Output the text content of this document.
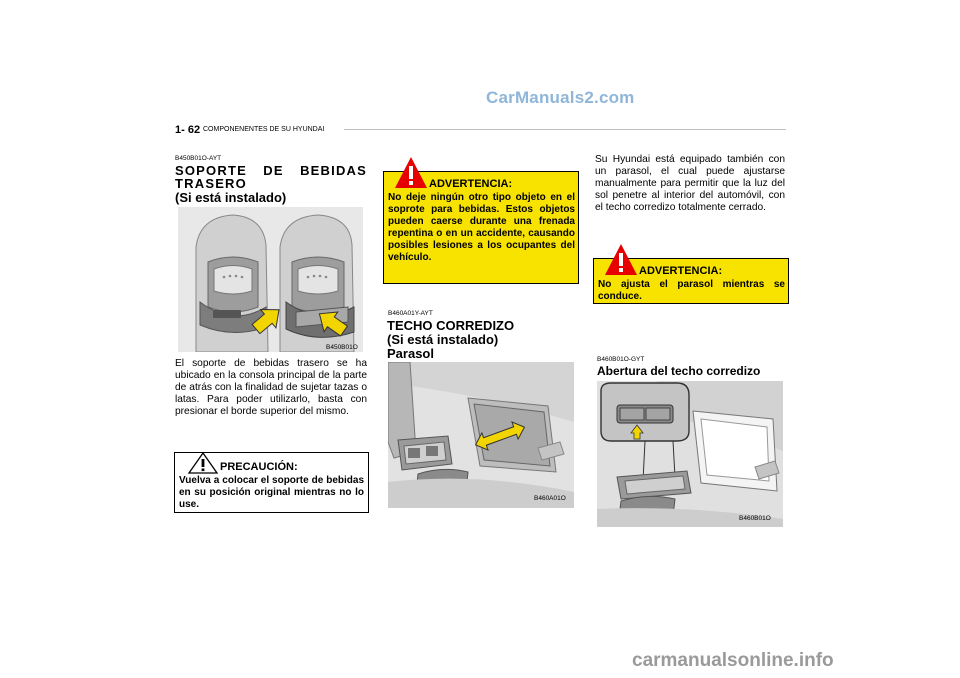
CarManuals2.com
carmanualsonline.info
1- 62 COMPONENENTES DE SU HYUNDAI
B450B01O-AYT
SOPORTE DE BEBIDAS
TRASERO
(Si está instalado)
B450B01O
El soporte de bebidas trasero se ha ubicado en la consola principal de la parte de atrás con la finalidad de sujetar tazas o latas. Para poder utilizarlo, basta con presionar el borde superior del mismo.
PRECAUCIÓN:
Vuelva a colocar el soporte de bebidas en su posición original mientras no lo use.
ADVERTENCIA:
No deje ningún otro tipo objeto en el soprote para bebidas. Estos objetos pueden caerse durante una frenada repentina o en un accidente, causando posibles lesiones a los ocupantes del vehículo.
B460A01Y-AYT
TECHO CORREDIZO
(Si está instalado)
Parasol
B460A01O
Su Hyundai está equipado también con un parasol, el cual puede ajustarse manualmente para permitir que la luz del sol penetre al interior del automóvil, con el techo corredizo totalmente cerrado.
ADVERTENCIA:
No ajusta el parasol mientras se conduce.
B460B01O-GYT
Abertura del techo corredizo
B460B01O
